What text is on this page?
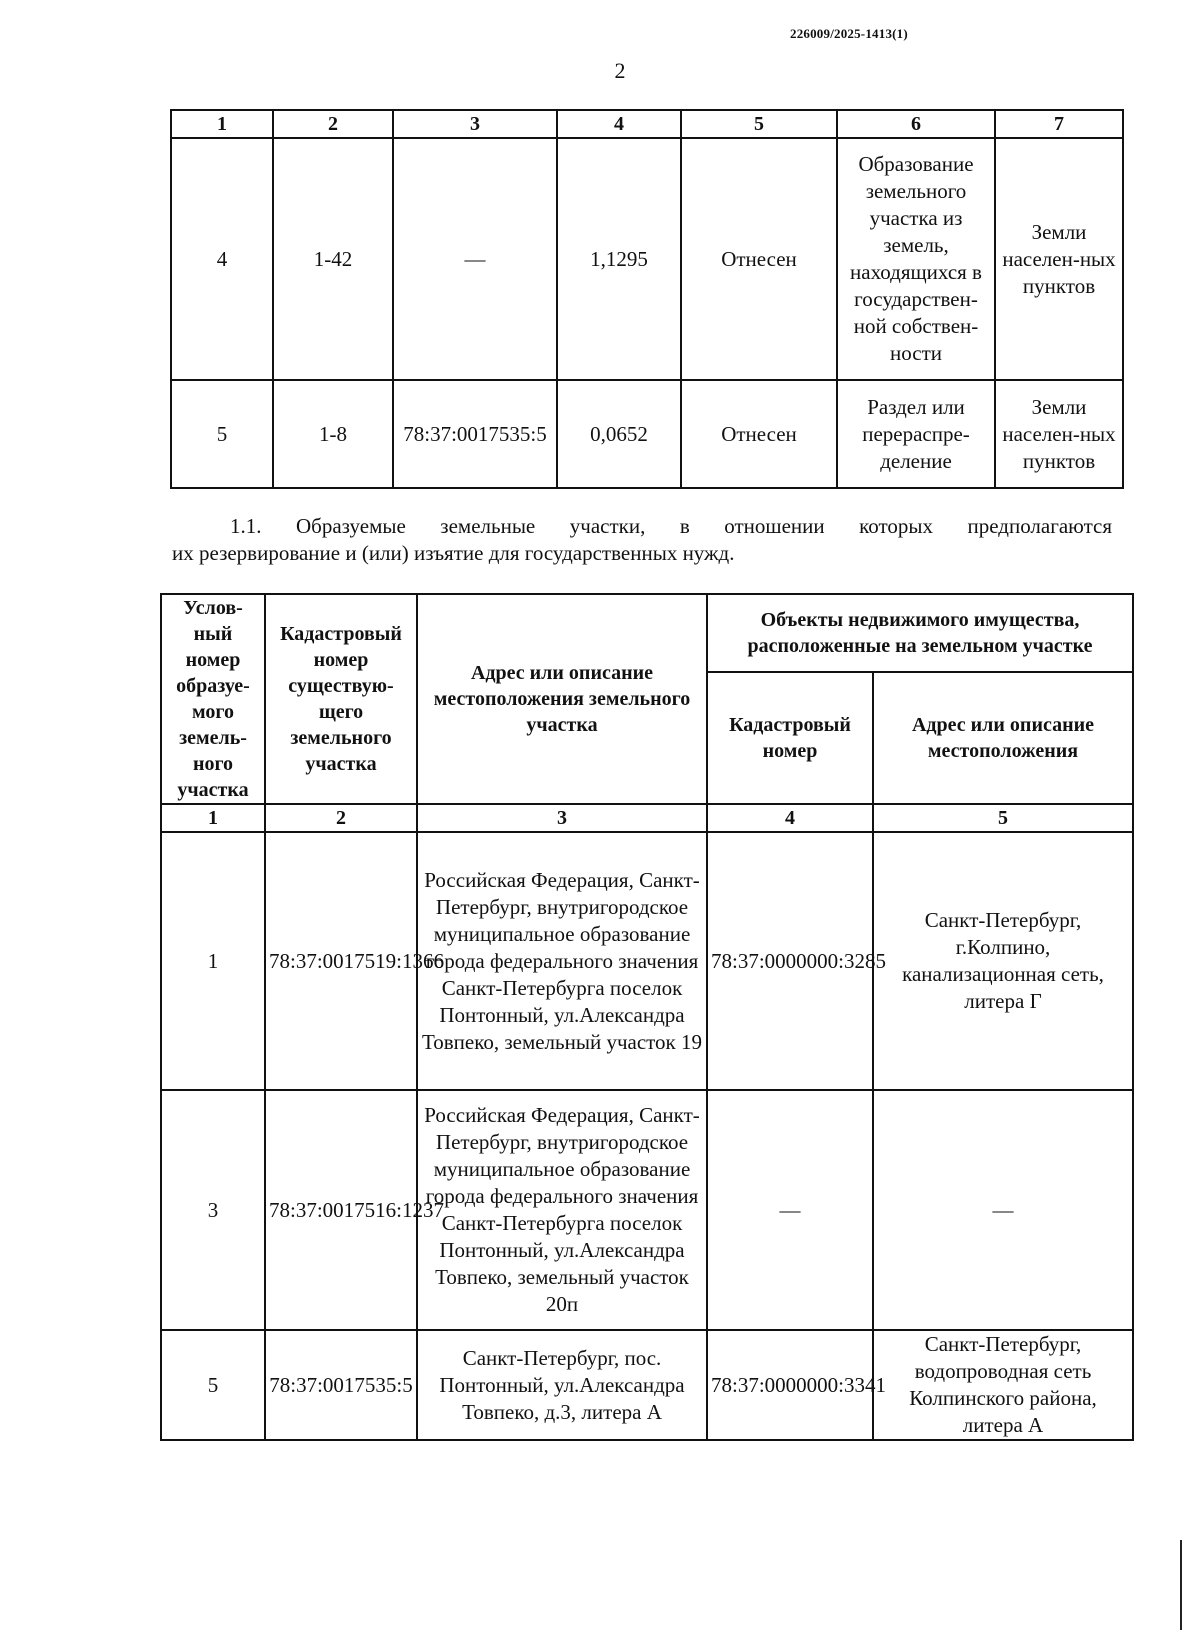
226009/2025-1413(1)
2
1	2	3	4	5	6	7
4	1-42	—	1,1295	Отнесен	Образование земельного участка из земель, находящихся в государствен-ной собствен-ности	Земли населен-ных пунктов
5	1-8	78:37:0017535:5	0,0652	Отнесен	Раздел или перераспре-деление	Земли населен-ных пунктов
1.1. Образуемые земельные участки, в отношении которых предполагаются
их резервирование и (или) изъятие для государственных нужд.
Услов-ный номер образуе-мого земель-ного участка	Кадастровый номер существую-щего земельного участка	Адрес или описание местоположения земельного участка	Объекты недвижимого имущества, расположенные на земельном участке	
			Кадастровый номер	Адрес или описание местоположения
1	2	3	4	5
1	78:37:0017519:1366	Российская Федерация, Санкт-Петербург, внутригородское муниципальное образование города федерального значения Санкт-Петербурга поселок Понтонный, ул.Александра Товпеко, земельный участок 19	78:37:0000000:3285	Санкт-Петербург, г.Колпино, канализационная сеть, литера Г
3	78:37:0017516:1237	Российская Федерация, Санкт-Петербург, внутригородское муниципальное образование города федерального значения Санкт-Петербурга поселок Понтонный, ул.Александра Товпеко, земельный участок 20п	—	—
5	78:37:0017535:5	Санкт-Петербург, пос. Понтонный, ул.Александра Товпеко, д.3, литера А	78:37:0000000:3341	Санкт-Петербург, водопроводная сеть Колпинского района, литера А
